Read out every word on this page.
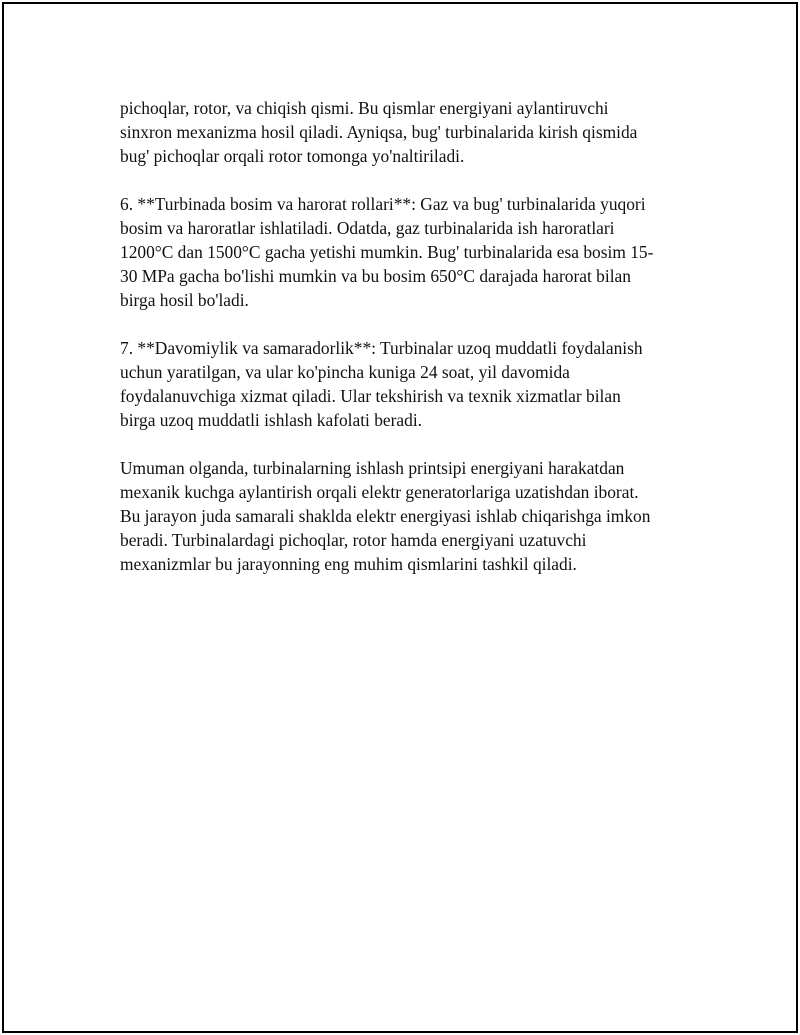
pichoqlar, rotor, va chiqish qismi. Bu qismlar energiyani aylantiruvchi
sinxron mexanizma hosil qiladi. Ayniqsa, bug' turbinalarida kirish qismida
bug' pichoqlar orqali rotor tomonga yo'naltiriladi.

6. **Turbinada bosim va harorat rollari**: Gaz va bug' turbinalarida yuqori
bosim va haroratlar ishlatiladi. Odatda, gaz turbinalarida ish haroratlari
1200°C dan 1500°C gacha yetishi mumkin. Bug' turbinalarida esa bosim 15-
30 MPa gacha bo'lishi mumkin va bu bosim 650°C darajada harorat bilan
birga hosil bo'ladi.

7. **Davomiylik va samaradorlik**: Turbinalar uzoq muddatli foydalanish
uchun yaratilgan, va ular ko'pincha kuniga 24 soat, yil davomida
foydalanuvchiga xizmat qiladi. Ular tekshirish va texnik xizmatlar bilan
birga uzoq muddatli ishlash kafolati beradi.

Umuman olganda, turbinalarning ishlash printsipi energiyani harakatdan
mexanik kuchga aylantirish orqali elektr generatorlariga uzatishdan iborat.
Bu jarayon juda samarali shaklda elektr energiyasi ishlab chiqarishga imkon
beradi. Turbinalardagi pichoqlar, rotor hamda energiyani uzatuvchi
mexanizmlar bu jarayonning eng muhim qismlarini tashkil qiladi.
